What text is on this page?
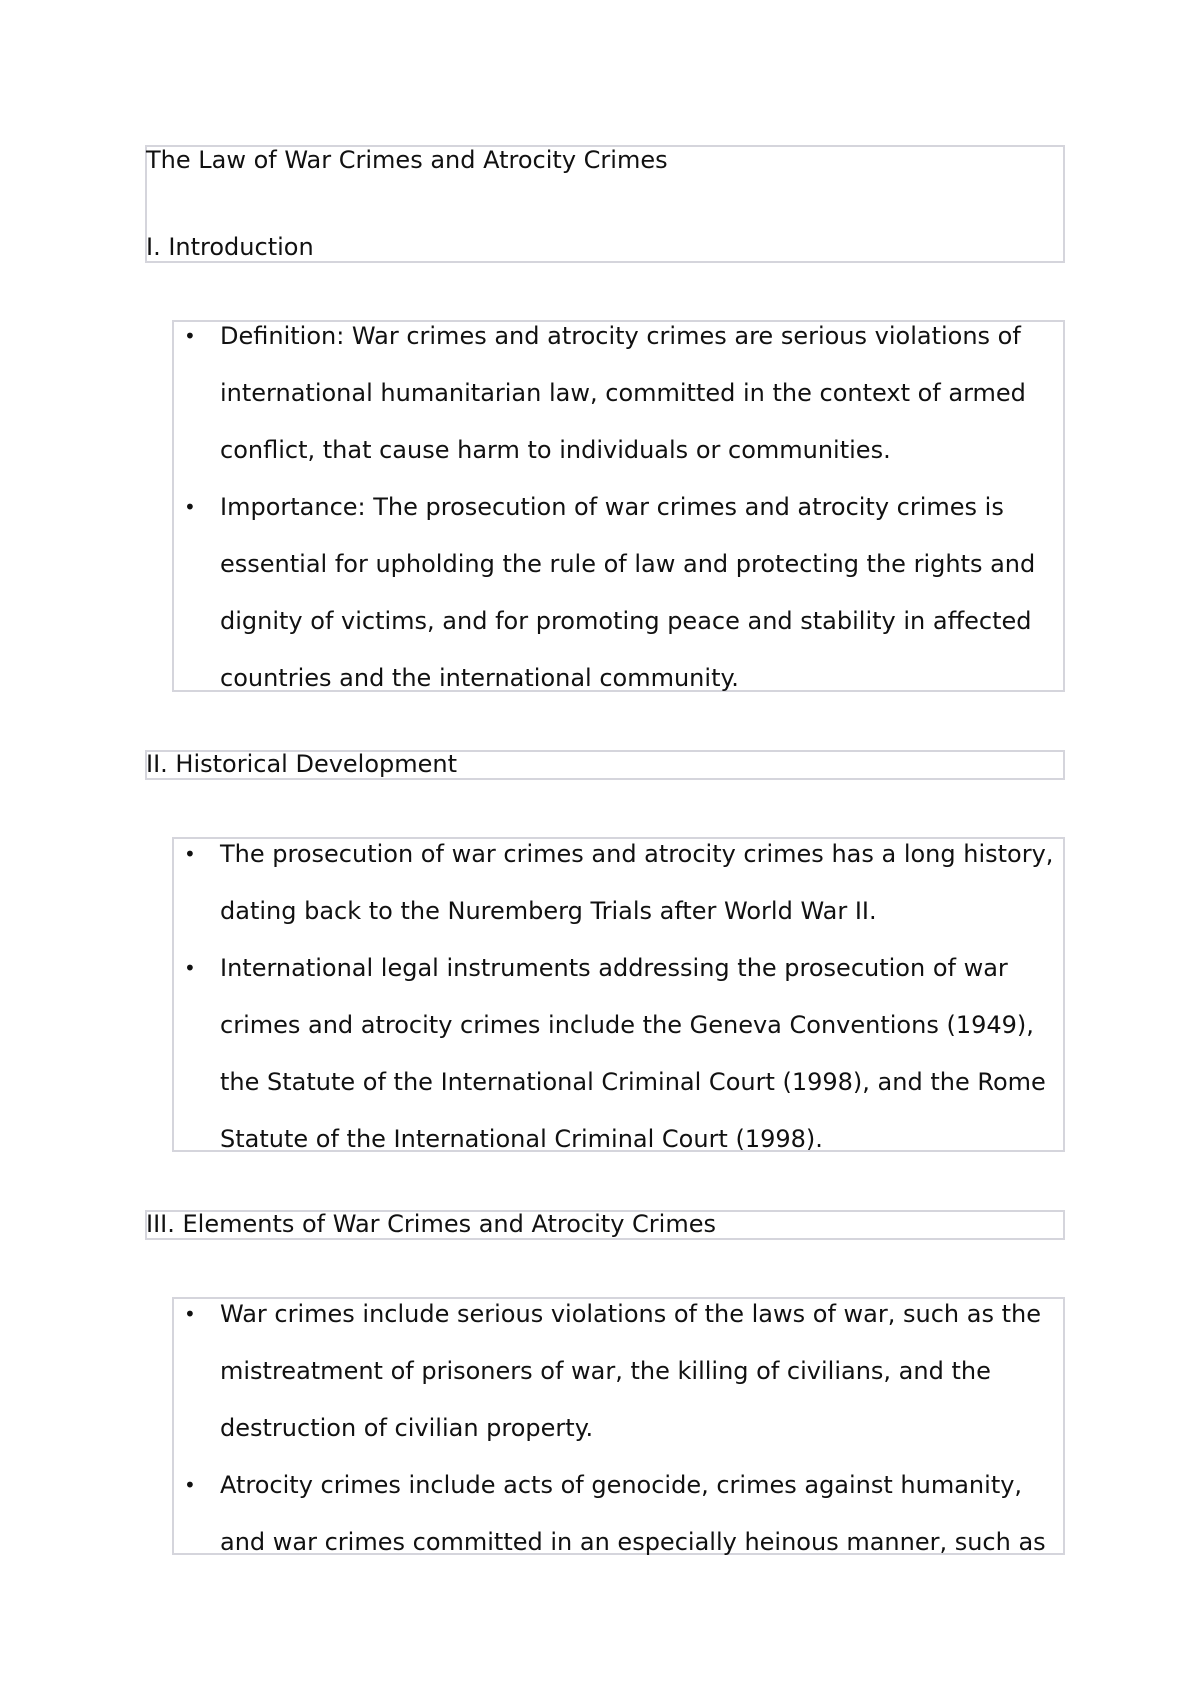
The Law of War Crimes and Atrocity Crimes
I. Introduction
• Definition: War crimes and atrocity crimes are serious violations of international humanitarian law, committed in the context of armed conflict, that cause harm to individuals or communities.
• Importance: The prosecution of war crimes and atrocity crimes is essential for upholding the rule of law and protecting the rights and dignity of victims, and for promoting peace and stability in affected countries and the international community.
II. Historical Development
• The prosecution of war crimes and atrocity crimes has a long history, dating back to the Nuremberg Trials after World War II.
• International legal instruments addressing the prosecution of war crimes and atrocity crimes include the Geneva Conventions (1949), the Statute of the International Criminal Court (1998), and the Rome Statute of the International Criminal Court (1998).
III. Elements of War Crimes and Atrocity Crimes
• War crimes include serious violations of the laws of war, such as the mistreatment of prisoners of war, the killing of civilians, and the destruction of civilian property.
• Atrocity crimes include acts of genocide, crimes against humanity, and war crimes committed in an especially heinous manner, such as
